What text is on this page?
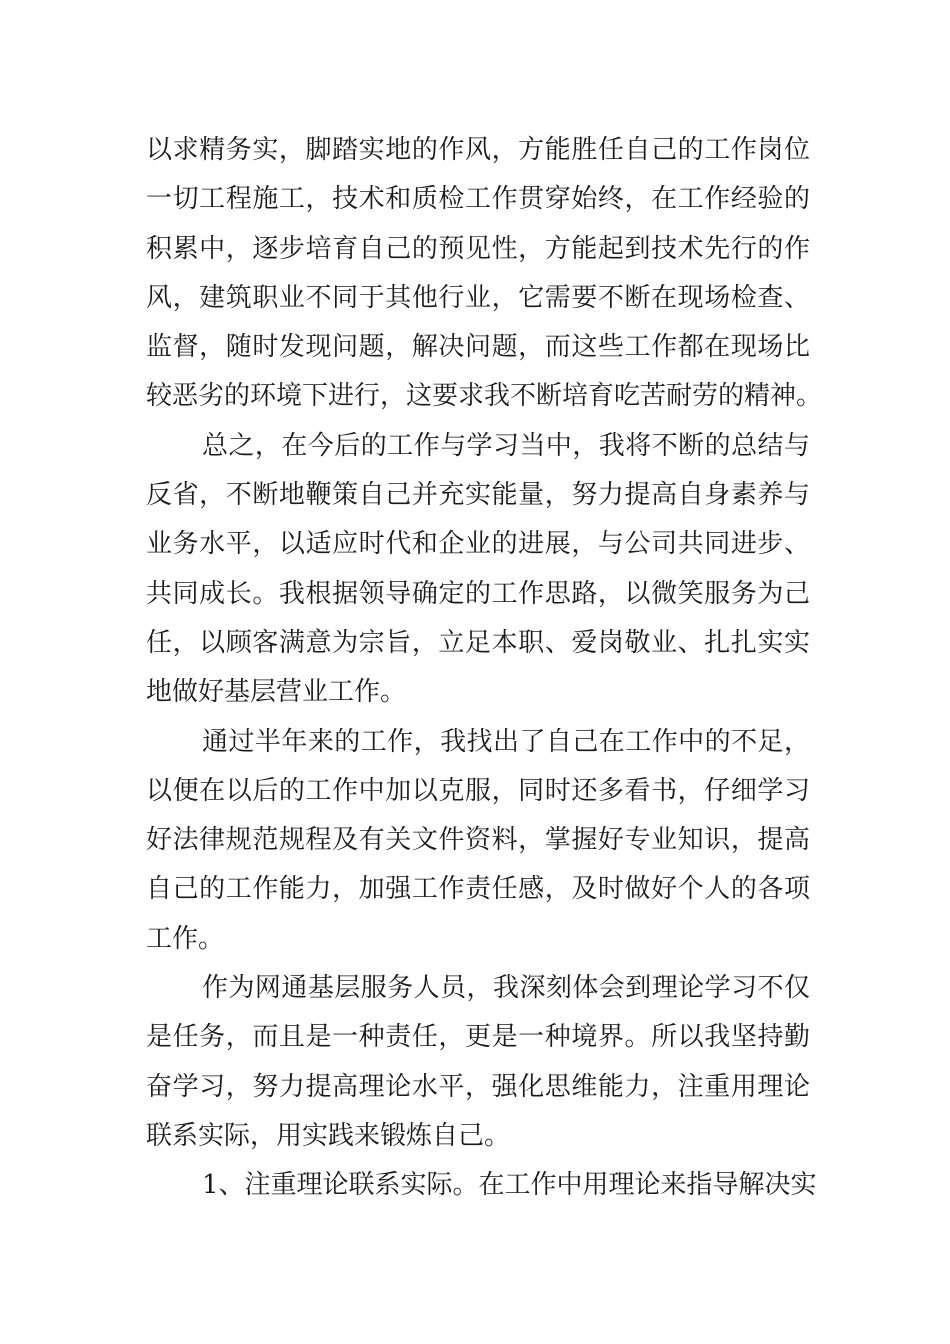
以求精务实，脚踏实地的作风，方能胜任自己的工作岗位
一切工程施工，技术和质检工作贯穿始终，在工作经验的
积累中，逐步培育自己的预见性，方能起到技术先行的作
风，建筑职业不同于其他行业，它需要不断在现场检查、
监督，随时发现问题，解决问题，而这些工作都在现场比
较恶劣的环境下进行，这要求我不断培育吃苦耐劳的精神。
总之，在今后的工作与学习当中，我将不断的总结与
反省，不断地鞭策自己并充实能量，努力提高自身素养与
业务水平，以适应时代和企业的进展，与公司共同进步、
共同成长。我根据领导确定的工作思路，以微笑服务为己
任，以顾客满意为宗旨，立足本职、爱岗敬业、扎扎实实
地做好基层营业工作。
通过半年来的工作，我找出了自己在工作中的不足，
以便在以后的工作中加以克服，同时还多看书，仔细学习
好法律规范规程及有关文件资料，掌握好专业知识，提高
自己的工作能力，加强工作责任感，及时做好个人的各项
工作。
作为网通基层服务人员，我深刻体会到理论学习不仅
是任务，而且是一种责任，更是一种境界。所以我坚持勤
奋学习，努力提高理论水平，强化思维能力，注重用理论
联系实际，用实践来锻炼自己。
1、注重理论联系实际。在工作中用理论来指导解决实
